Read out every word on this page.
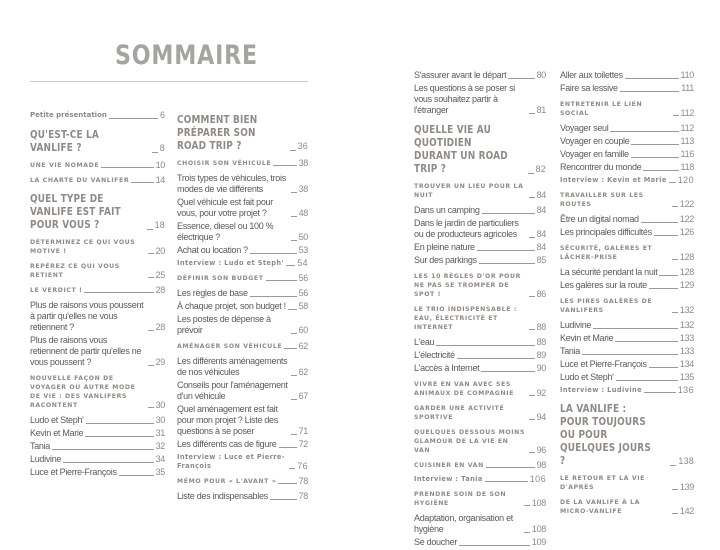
SOMMAIRE
Petite présentation	6
QU'EST-CE LA VANLIFE ?	8
UNE VIE NOMADE	10
LA CHARTE DU VANLIFER	14
QUEL TYPE DE VANLIFE EST FAIT POUR VOUS ?	18
DÉTERMINEZ CE QUI VOUS MOTIVE !	20
REPÉREZ CE QUI VOUS RETIENT	25
LE VERDICT !	28
Plus de raisons vous poussent à partir qu'elles ne vous retiennent ?	28
Plus de raisons vous retiennent de partir qu'elles ne vous poussent ?	29
NOUVELLE FAÇON DE VOYAGER OU AUTRE MODE DE VIE : DES VANLIFERS RACONTENT	30
Ludo et Steph'	30
Kevin et Marie	31
Tania	32
Ludivine	34
Luce et Pierre-François	35
COMMENT BIEN PRÉPARER SON ROAD TRIP ?	36
CHOISIR SON VÉHICULE	38
Trois types de véhicules, trois modes de vie différents	38
Quel véhicule est fait pour vous, pour votre projet ?	48
Essence, diesel ou 100 % électrique ?	50
Achat ou location ?	53
Interview : Ludo et Steph' 54
DÉFINIR SON BUDGET	56
Les règles de base	56
À chaque projet, son budget ! 58
Les postes de dépense à prévoir	60
AMÉNAGER SON VÉHICULE 62
Les différents aménagements de nos véhicules	62
Conseils pour l'aménagement d'un véhicule	67
Quel aménagement est fait pour mon projet ? Liste des questions à se poser	71
Les différents cas de figure 72
Interview : Luce et Pierre-François	76
MÉMO POUR « L'AVANT » 78
Liste des indispensables	78
S'assurer avant le départ	80
Les questions à se poser si vous souhaitez partir à l'étranger	81
QUELLE VIE AU QUOTIDIEN DURANT UN ROAD TRIP ?	82
TROUVER UN LIEU POUR LA NUIT	84
Dans un camping	84
Dans le jardin de particuliers ou de producteurs agricoles	84
En pleine nature	84
Sur des parkings	85
LES 10 RÈGLES D'OR POUR NE PAS SE TROMPER DE SPOT !	86
LE TRIO INDISPENSABLE : EAU, ÉLECTRICITÉ ET INTERNET	88
L'eau	88
L'électricité	89
L'accès à Internet	90
VIVRE EN VAN AVEC SES ANIMAUX DE COMPAGNIE	92
GARDER UNE ACTIVITÉ SPORTIVE	94
QUELQUES DESSOUS MOINS GLAMOUR DE LA VIE EN VAN	96
CUISINER EN VAN	98
Interview : Tania	106
PRENDRE SOIN DE SON HYGIÈNE	108
Adaptation, organisation et hygiène	108
Se doucher	109
Aller aux toilettes	110
Faire sa lessive	111
ENTRETENIR LE LIEN SOCIAL	112
Voyager seul	112
Voyager en couple	113
Voyager en famille	116
Rencontrer du monde	118
Interview : Kevin et Marie 120
TRAVAILLER SUR LES ROUTES	122
Être un digital nomad	122
Les principales difficultés	126
SÉCURITÉ, GALÈRES ET LÂCHER-PRISE	128
La sécurité pendant la nuit 128
Les galères sur la route	129
LES PIRES GALÈRES DE VANLIFERS	132
Ludivine	132
Kevin et Marie	133
Tania	133
Luce et Pierre-François	134
Ludo et Steph'	135
Interview : Ludivine	136
LA VANLIFE : POUR TOUJOURS OU POUR QUELQUES JOURS ?	138
LE RETOUR ET LA VIE D'APRÈS	139
DE LA VANLIFE À LA MICRO-VANLIFE	142
